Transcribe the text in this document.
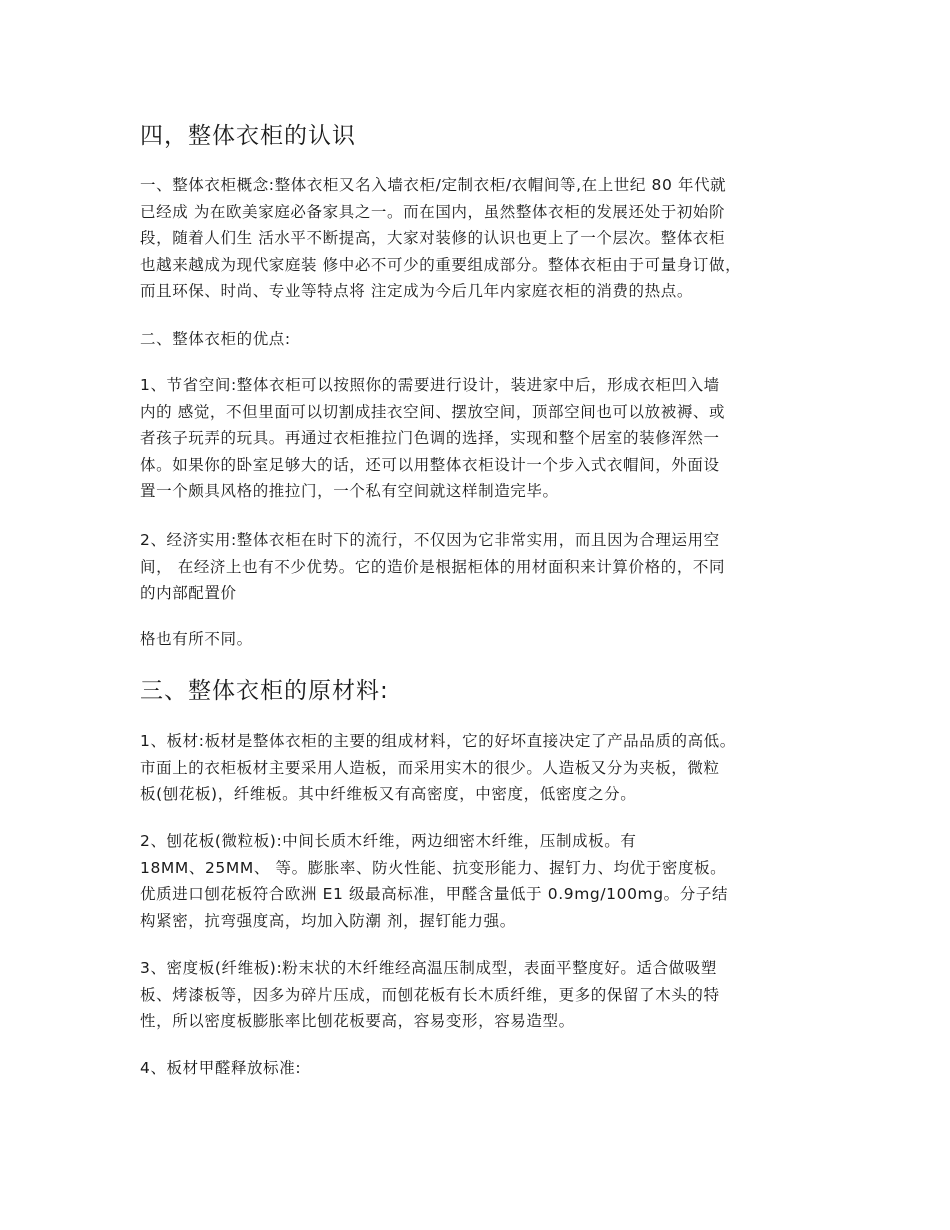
四，整体衣柜的认识

一、整体衣柜概念:整体衣柜又名入墙衣柜/定制衣柜/衣帽间等,在上世纪 80 年代就
已经成 为在欧美家庭必备家具之一。而在国内，虽然整体衣柜的发展还处于初始阶
段，随着人们生 活水平不断提高，大家对装修的认识也更上了一个层次。整体衣柜
也越来越成为现代家庭装 修中必不可少的重要组成部分。整体衣柜由于可量身订做，
而且环保、时尚、专业等特点将 注定成为今后几年内家庭衣柜的消费的热点。

二、整体衣柜的优点:

1、节省空间:整体衣柜可以按照你的需要进行设计，装进家中后，形成衣柜凹入墙
内的 感觉，不但里面可以切割成挂衣空间、摆放空间，顶部空间也可以放被褥、或
者孩子玩弄的玩具。再通过衣柜推拉门色调的选择，实现和整个居室的装修浑然一
体。如果你的卧室足够大的话，还可以用整体衣柜设计一个步入式衣帽间，外面设
置一个颇具风格的推拉门，一个私有空间就这样制造完毕。

2、经济实用:整体衣柜在时下的流行，不仅因为它非常实用，而且因为合理运用空
间， 在经济上也有不少优势。它的造价是根据柜体的用材面积来计算价格的，不同
的内部配置价

格也有所不同。

三、整体衣柜的原材料:

1、板材:板材是整体衣柜的主要的组成材料，它的好坏直接决定了产品品质的高低。
市面上的衣柜板材主要采用人造板，而采用实木的很少。人造板又分为夹板，微粒
板(刨花板)，纤维板。其中纤维板又有高密度，中密度，低密度之分。

2、刨花板(微粒板):中间长质木纤维，两边细密木纤维，压制成板。有
18MM、25MM、 等。膨胀率、防火性能、抗变形能力、握钉力、均优于密度板。
优质进口刨花板符合欧洲 E1 级最高标准，甲醛含量低于 0.9mg/100mg。分子结
构紧密，抗弯强度高，均加入防潮 剂，握钉能力强。

3、密度板(纤维板):粉末状的木纤维经高温压制成型，表面平整度好。适合做吸塑
板、烤漆板等，因多为碎片压成，而刨花板有长木质纤维，更多的保留了木头的特
性，所以密度板膨胀率比刨花板要高，容易变形，容易造型。

4、板材甲醛释放标准:
